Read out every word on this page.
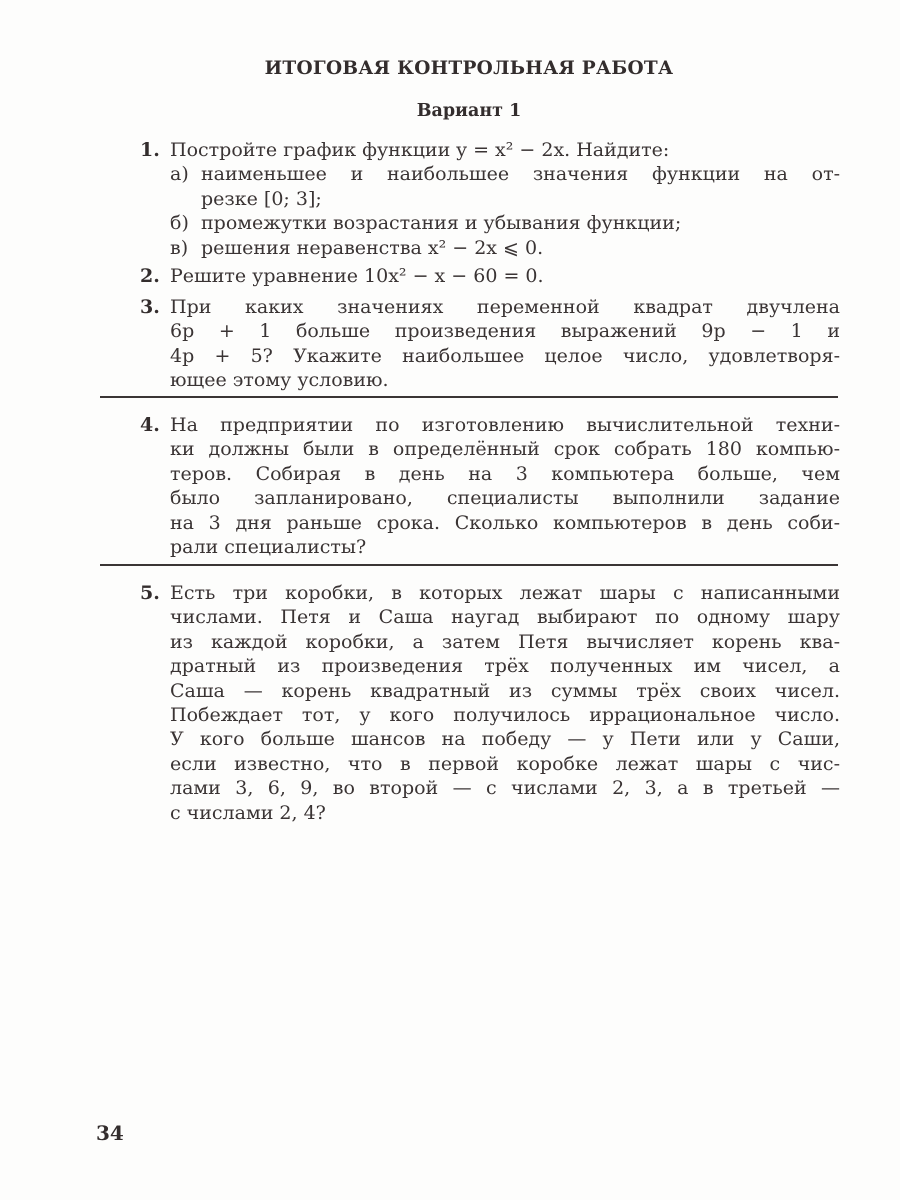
ИТОГОВАЯ КОНТРОЛЬНАЯ РАБОТА
Вариант 1
1. Постройте график функции y = x² − 2x. Найдите:
а) наименьшее и наибольшее значения функции на от-
резке [0; 3];
б) промежутки возрастания и убывания функции;
в) решения неравенства x² − 2x ⩽ 0.
2. Решите уравнение 10x² − x − 60 = 0.
3. При каких значениях переменной квадрат двучлена
6p + 1 больше произведения выражений 9p − 1 и
4p + 5? Укажите наибольшее целое число, удовлетворя-
ющее этому условию.
4. На предприятии по изготовлению вычислительной техни-
ки должны были в определённый срок собрать 180 компью-
теров. Собирая в день на 3 компьютера больше, чем
было запланировано, специалисты выполнили задание
на 3 дня раньше срока. Сколько компьютеров в день соби-
рали специалисты?
5. Есть три коробки, в которых лежат шары с написанными
числами. Петя и Саша наугад выбирают по одному шару
из каждой коробки, а затем Петя вычисляет корень ква-
дратный из произведения трёх полученных им чисел, а
Саша — корень квадратный из суммы трёх своих чисел.
Побеждает тот, у кого получилось иррациональное число.
У кого больше шансов на победу — у Пети или у Саши,
если известно, что в первой коробке лежат шары с чис-
лами 3, 6, 9, во второй — с числами 2, 3, а в третьей —
с числами 2, 4?
34
